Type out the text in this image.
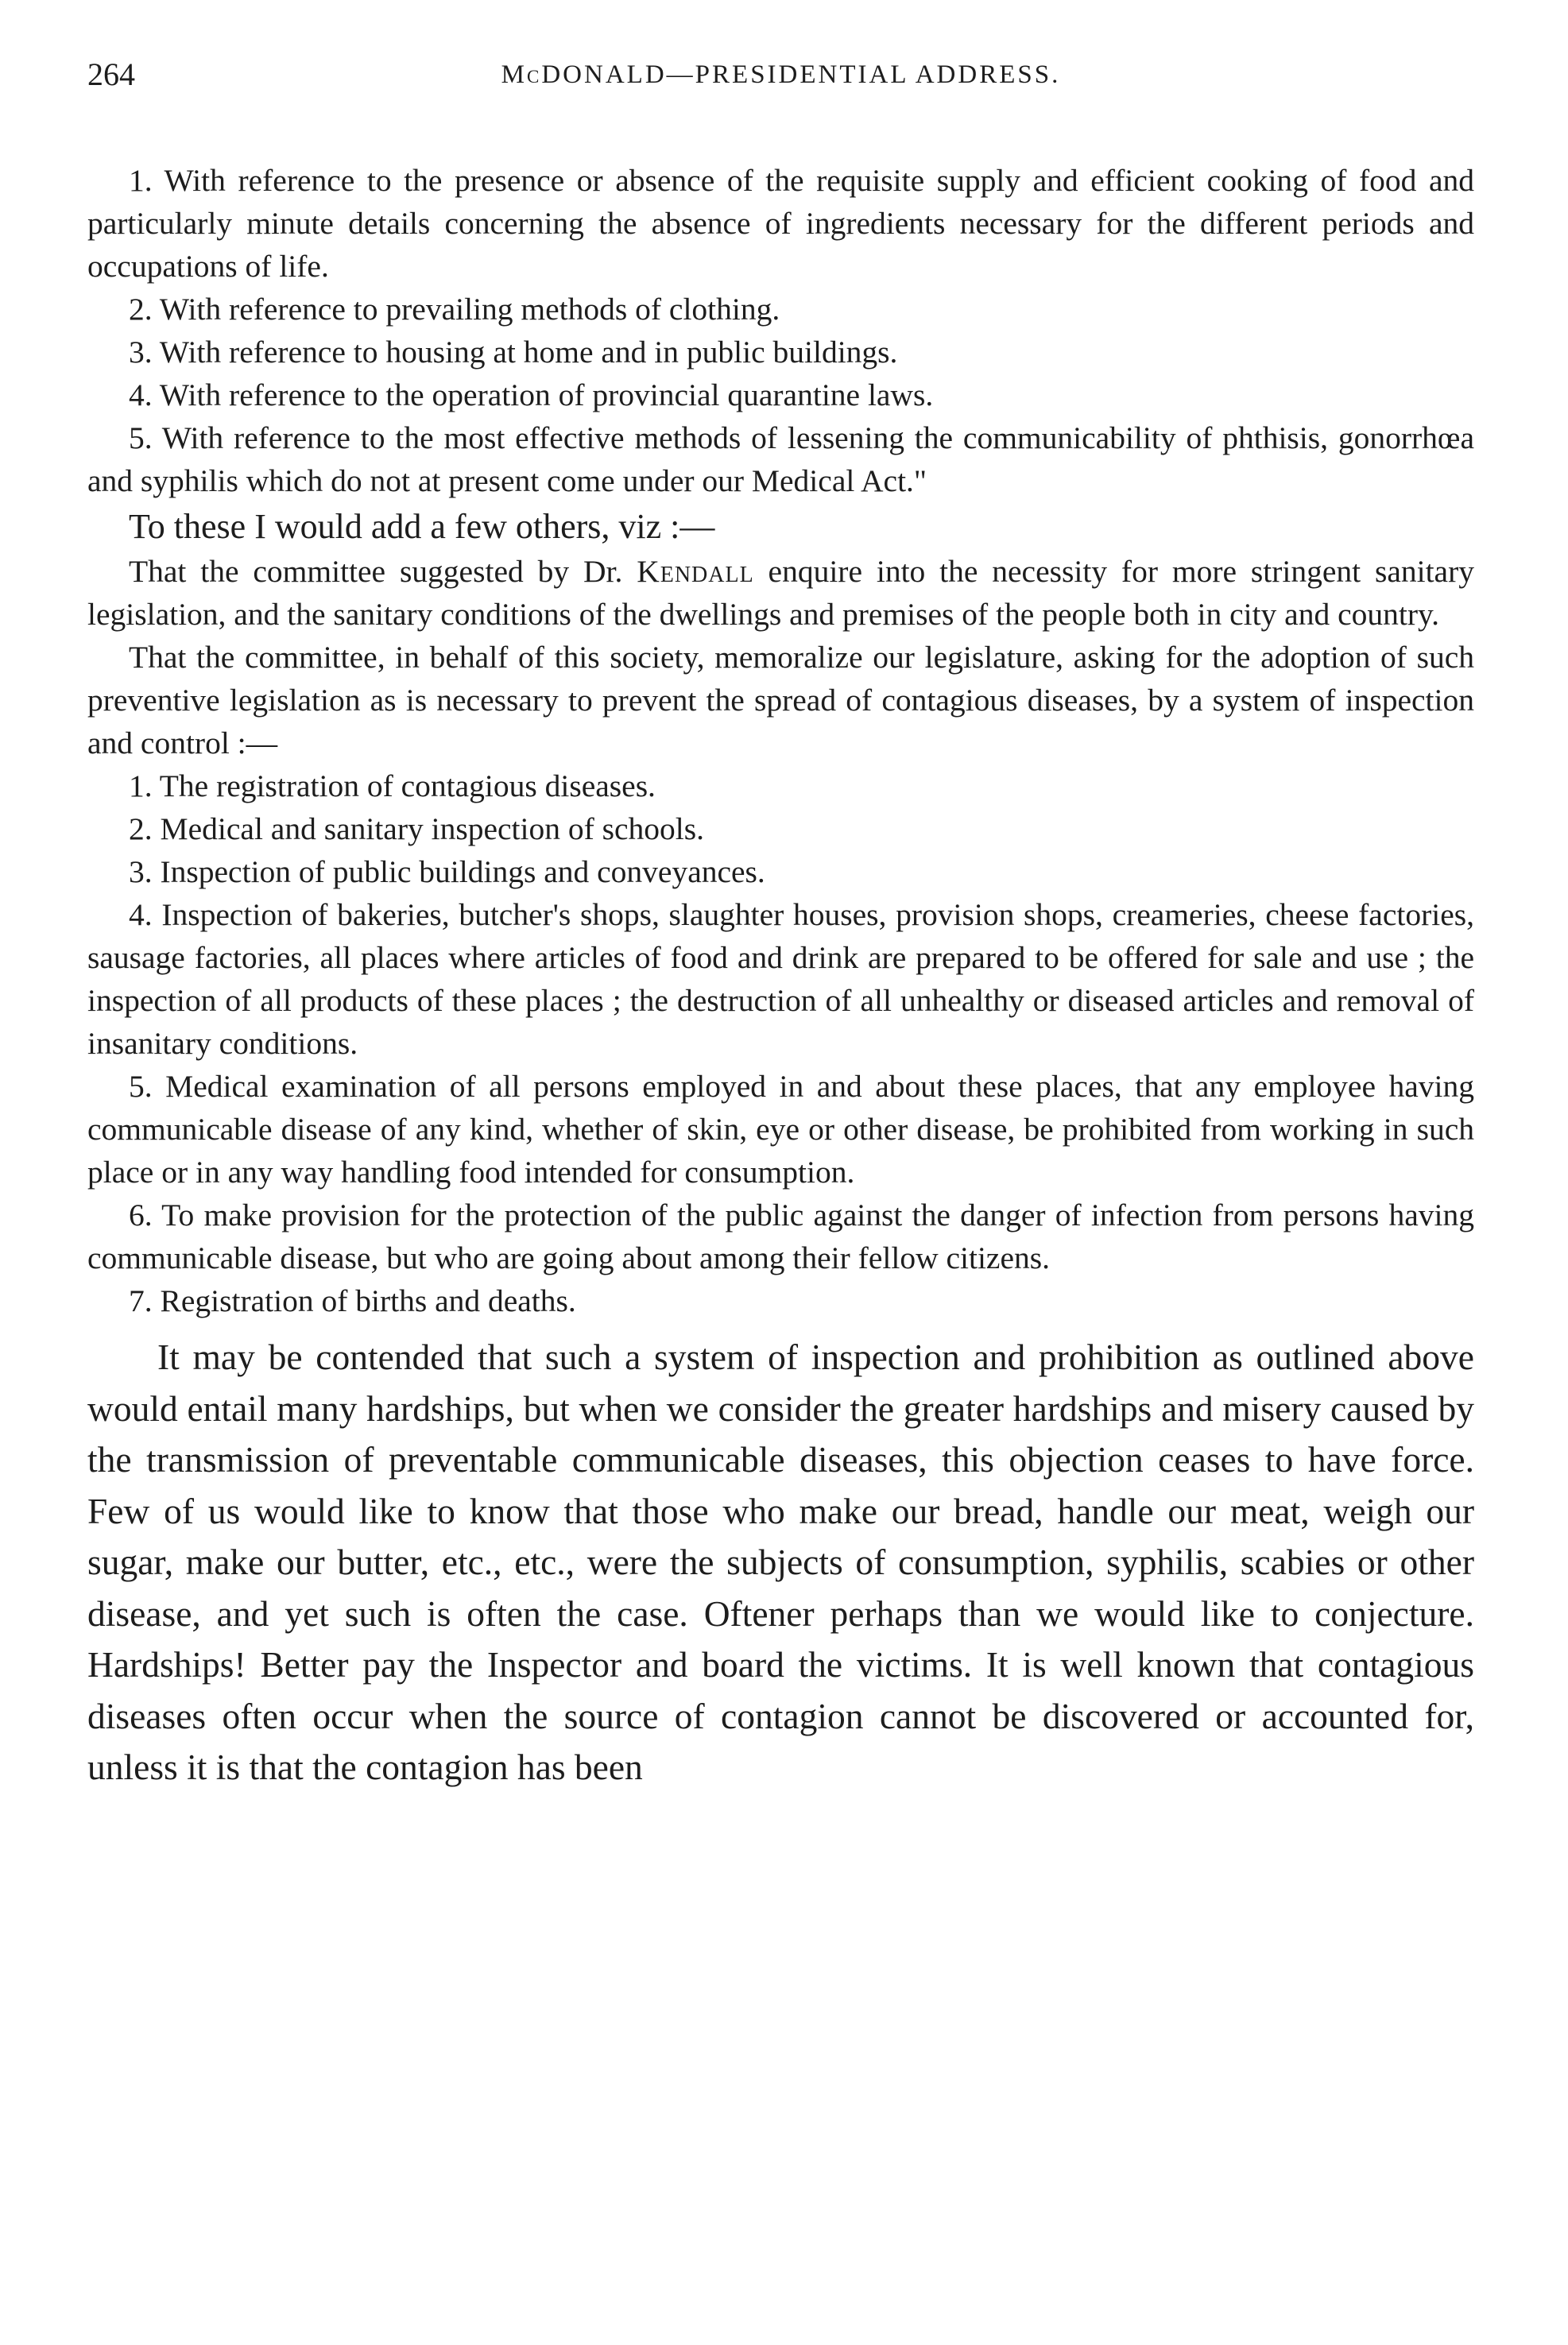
264	McDONALD—PRESIDENTIAL ADDRESS.

1. With reference to the presence or absence of the requisite supply and efficient cooking of food and particularly minute details concerning the absence of ingredients necessary for the different periods and occupations of life.

2. With reference to prevailing methods of clothing.

3. With reference to housing at home and in public buildings.

4. With reference to the operation of provincial quarantine laws.

5. With reference to the most effective methods of lessening the communicability of phthisis, gonorrhœa and syphilis which do not at present come under our Medical Act."

To these I would add a few others, viz :—

That the committee suggested by Dr. Kendall enquire into the necessity for more stringent sanitary legislation, and the sanitary conditions of the dwellings and premises of the people both in city and country.

That the committee, in behalf of this society, memoralize our legislature, asking for the adoption of such preventive legislation as is necessary to prevent the spread of contagious diseases, by a system of inspection and control :—

1. The registration of contagious diseases.

2. Medical and sanitary inspection of schools.

3. Inspection of public buildings and conveyances.

4. Inspection of bakeries, butcher's shops, slaughter houses, provision shops, creameries, cheese factories, sausage factories, all places where articles of food and drink are prepared to be offered for sale and use ; the inspection of all products of these places ; the destruction of all unhealthy or diseased articles and removal of insanitary conditions.

5. Medical examination of all persons employed in and about these places, that any employee having communicable disease of any kind, whether of skin, eye or other disease, be prohibited from working in such place or in any way handling food intended for consumption.

6. To make provision for the protection of the public against the danger of infection from persons having communicable disease, but who are going about among their fellow citizens.

7. Registration of births and deaths.

It may be contended that such a system of inspection and prohibition as outlined above would entail many hardships, but when we consider the greater hardships and misery caused by the transmission of preventable communicable diseases, this objection ceases to have force. Few of us would like to know that those who make our bread, handle our meat, weigh our sugar, make our butter, etc., etc., were the subjects of consumption, syphilis, scabies or other disease, and yet such is often the case. Oftener perhaps than we would like to conjecture. Hardships! Better pay the Inspector and board the victims. It is well known that contagious diseases often occur when the source of contagion cannot be discovered or accounted for, unless it is that the contagion has been
